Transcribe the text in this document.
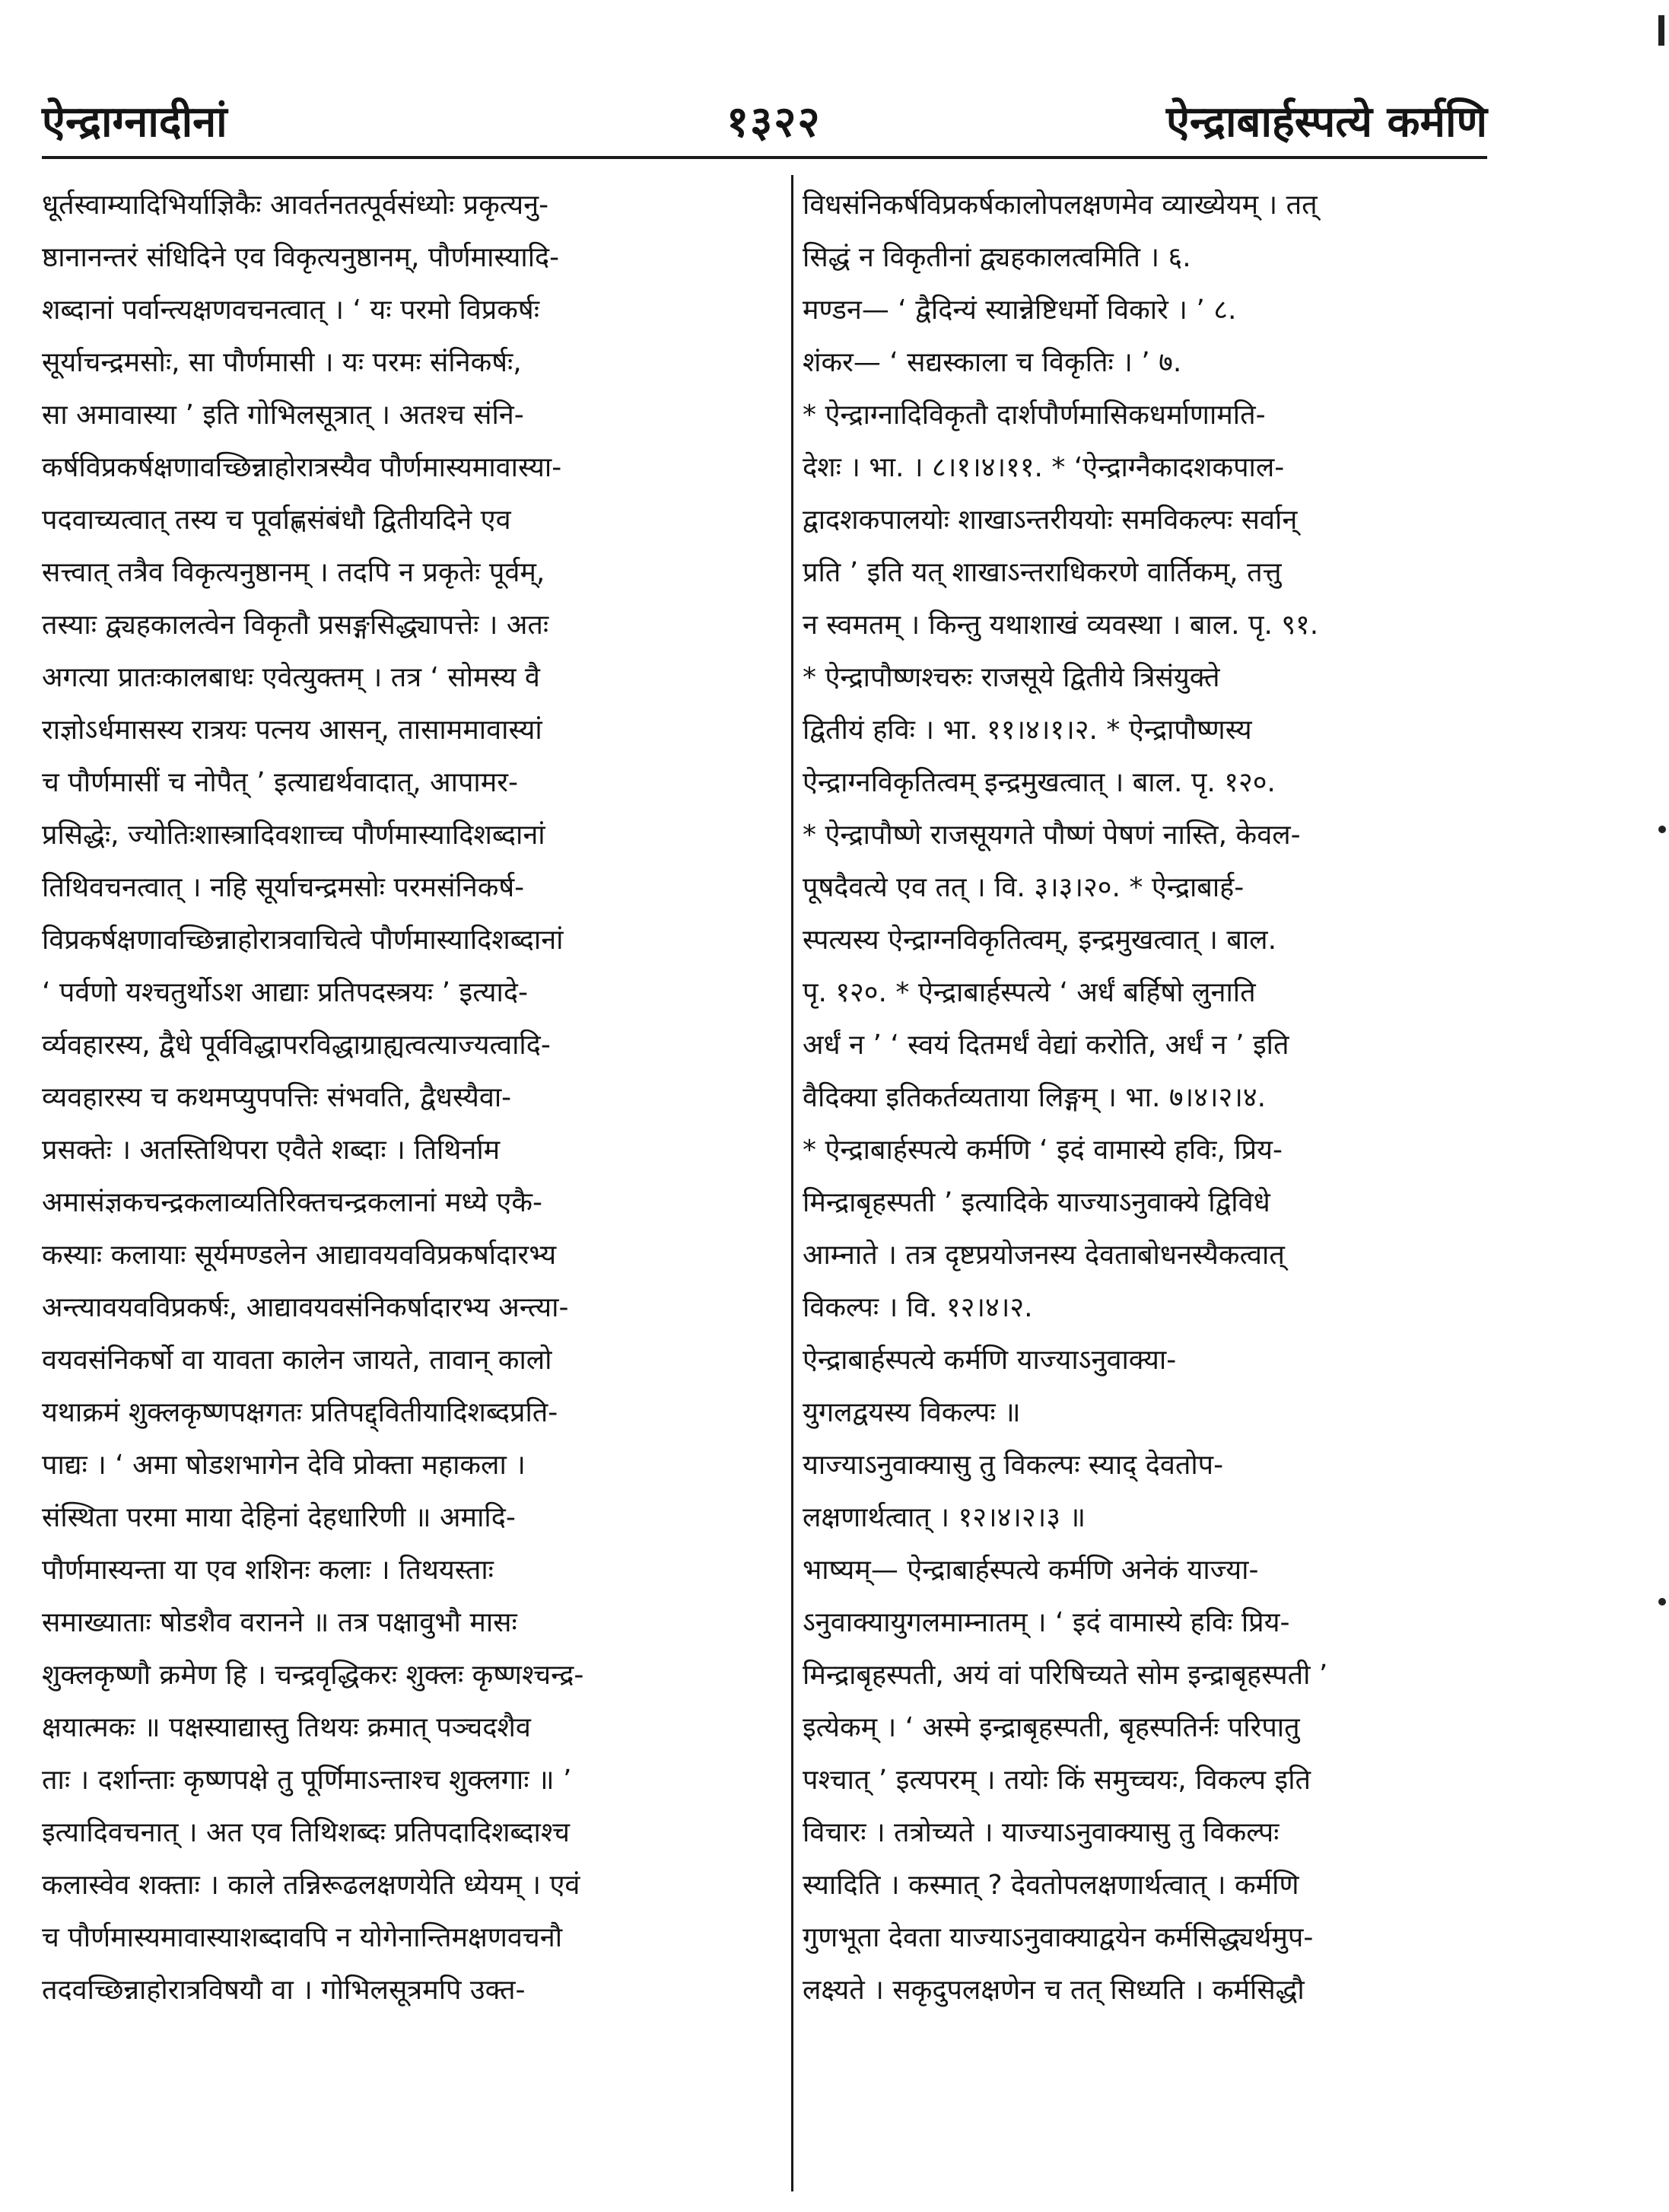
ऐन्द्राग्नादीनां	१३२२	ऐन्द्राबार्हस्पत्ये कर्मणि
धूर्तस्वाम्यादिभिर्याज्ञिकैः आवर्तनतत्पूर्वसंध्योः प्रकृत्यनु-
ष्ठानानन्तरं संधिदिने एव विकृत्यनुष्ठानम्, पौर्णमास्यादि-
शब्दानां पर्वान्त्यक्षणवचनत्वात् । ‘ यः परमो विप्रकर्षः
सूर्याचन्द्रमसोः, सा पौर्णमासी । यः परमः संनिकर्षः,
सा अमावास्या ’ इति गोभिलसूत्रात् । अतश्च संनि-
कर्षविप्रकर्षक्षणावच्छिन्नाहोरात्रस्यैव पौर्णमास्यमावास्या-
पदवाच्यत्वात् तस्य च पूर्वाह्णसंबंधौ द्वितीयदिने एव
सत्त्वात् तत्रैव विकृत्यनुष्ठानम् । तदपि न प्रकृतेः पूर्वम्,
तस्याः द्व्यहकालत्वेन विकृतौ प्रसङ्गसिद्ध्यापत्तेः । अतः
अगत्या प्रातःकालबाधः एवेत्युक्तम् । तत्र ‘ सोमस्य वै
राज्ञोऽर्धमासस्य रात्रयः पत्नय आसन्, तासाममावास्यां
च पौर्णमासीं च नोपैत् ’ इत्याद्यर्थवादात्, आपामर-
प्रसिद्धेः, ज्योतिःशास्त्रादिवशाच्च पौर्णमास्यादिशब्दानां
तिथिवचनत्वात् । नहि सूर्याचन्द्रमसोः परमसंनिकर्ष-
विप्रकर्षक्षणावच्छिन्नाहोरात्रवाचित्वे पौर्णमास्यादिशब्दानां
‘ पर्वणो यश्चतुर्थोऽश आद्याः प्रतिपदस्त्रयः ’ इत्यादे-
र्व्यवहारस्य, द्वैधे पूर्वविद्धापरविद्धाग्राह्यत्वत्याज्यत्वादि-
व्यवहारस्य च कथमप्युपपत्तिः संभवति, द्वैधस्यैवा-
प्रसक्तेः । अतस्तिथिपरा एवैते शब्दाः । तिथिर्नाम
अमासंज्ञकचन्द्रकलाव्यतिरिक्तचन्द्रकलानां मध्ये एकै-
कस्याः कलायाः सूर्यमण्डलेन आद्यावयवविप्रकर्षादारभ्य
अन्त्यावयवविप्रकर्षः, आद्यावयवसंनिकर्षादारभ्य अन्त्या-
वयवसंनिकर्षो वा यावता कालेन जायते, तावान् कालो
यथाक्रमं शुक्लकृष्णपक्षगतः प्रतिपद्द्वितीयादिशब्दप्रति-
पाद्यः । ‘ अमा षोडशभागेन देवि प्रोक्ता महाकला ।
संस्थिता परमा माया देहिनां देहधारिणी ॥ अमादि-
पौर्णमास्यन्ता या एव शशिनः कलाः । तिथयस्ताः
समाख्याताः षोडशैव वरानने ॥ तत्र पक्षावुभौ मासः
शुक्लकृष्णौ क्रमेण हि । चन्द्रवृद्धिकरः शुक्लः कृष्णश्चन्द्र-
क्षयात्मकः ॥ पक्षस्याद्यास्तु तिथयः क्रमात् पञ्चदशैव
ताः । दर्शान्ताः कृष्णपक्षे तु पूर्णिमाऽन्ताश्च शुक्लगाः ॥ ’
इत्यादिवचनात् । अत एव तिथिशब्दः प्रतिपदादिशब्दाश्च
कलास्वेव शक्ताः । काले तन्निरूढलक्षणयेति ध्येयम् । एवं
च पौर्णमास्यमावास्याशब्दावपि न योगेनान्तिमक्षणवचनौ
तदवच्छिन्नाहोरात्रविषयौ वा । गोभिलसूत्रमपि उक्त-
विधसंनिकर्षविप्रकर्षकालोपलक्षणमेव व्याख्येयम् । तत्
सिद्धं न विकृतीनां द्व्यहकालत्वमिति । ६.
मण्डन— ‘ द्वैदिन्यं स्यान्नेष्टिधर्मो विकारे । ’ ८.
शंकर— ‘ सद्यस्काला च विकृतिः । ’ ७.
* ऐन्द्राग्नादिविकृतौ दार्शपौर्णमासिकधर्माणामति-
देशः । भा. । ८।१।४।११. * ‘ऐन्द्राग्नैकादशकपाल-
द्वादशकपालयोः शाखाऽन्तरीययोः समविकल्पः सर्वान्
प्रति ’ इति यत् शाखाऽन्तराधिकरणे वार्तिकम्, तत्तु
न स्वमतम् । किन्तु यथाशाखं व्यवस्था । बाल. पृ. ९१.
* ऐन्द्रापौष्णश्चरुः राजसूये द्वितीये त्रिसंयुक्ते
द्वितीयं हविः । भा. ११।४।१।२. * ऐन्द्रापौष्णस्य
ऐन्द्राग्नविकृतित्वम् इन्द्रमुखत्वात् । बाल. पृ. १२०.
* ऐन्द्रापौष्णे राजसूयगते पौष्णं पेषणं नास्ति, केवल-
पूषदैवत्ये एव तत् । वि. ३।३।२०. * ऐन्द्राबार्ह-
स्पत्यस्य ऐन्द्राग्नविकृतित्वम्, इन्द्रमुखत्वात् । बाल.
पृ. १२०. * ऐन्द्राबार्हस्पत्ये ‘ अर्धं बर्हिषो लुनाति
अर्धं न ’ ‘ स्वयं दितमर्धं वेद्यां करोति, अर्धं न ’ इति
वैदिक्या इतिकर्तव्यताया लिङ्गम् । भा. ७।४।२।४.
* ऐन्द्राबार्हस्पत्ये कर्मणि ‘ इदं वामास्ये हविः, प्रिय-
मिन्द्राबृहस्पती ’ इत्यादिके याज्याऽनुवाक्ये द्विविधे
आम्नाते । तत्र दृष्टप्रयोजनस्य देवताबोधनस्यैकत्वात्
विकल्पः । वि. १२।४।२.
ऐन्द्राबार्हस्पत्ये कर्मणि याज्याऽनुवाक्या-
युगलद्वयस्य विकल्पः ॥
याज्याऽनुवाक्यासु तु विकल्पः स्याद् देवतोप-
लक्षणार्थत्वात् । १२।४।२।३ ॥
भाष्यम्— ऐन्द्राबार्हस्पत्ये कर्मणि अनेकं याज्या-
ऽनुवाक्यायुगलमाम्नातम् । ‘ इदं वामास्ये हविः प्रिय-
मिन्द्राबृहस्पती, अयं वां परिषिच्यते सोम इन्द्राबृहस्पती ’
इत्येकम् । ‘ अस्मे इन्द्राबृहस्पती, बृहस्पतिर्नः परिपातु
पश्चात् ’ इत्यपरम् । तयोः किं समुच्चयः, विकल्प इति
विचारः । तत्रोच्यते । याज्याऽनुवाक्यासु तु विकल्पः
स्यादिति । कस्मात् ? देवतोपलक्षणार्थत्वात् । कर्मणि
गुणभूता देवता याज्याऽनुवाक्याद्वयेन कर्मसिद्ध्यर्थमुप-
लक्ष्यते । सकृदुपलक्षणेन च तत् सिध्यति । कर्मसिद्धौ
